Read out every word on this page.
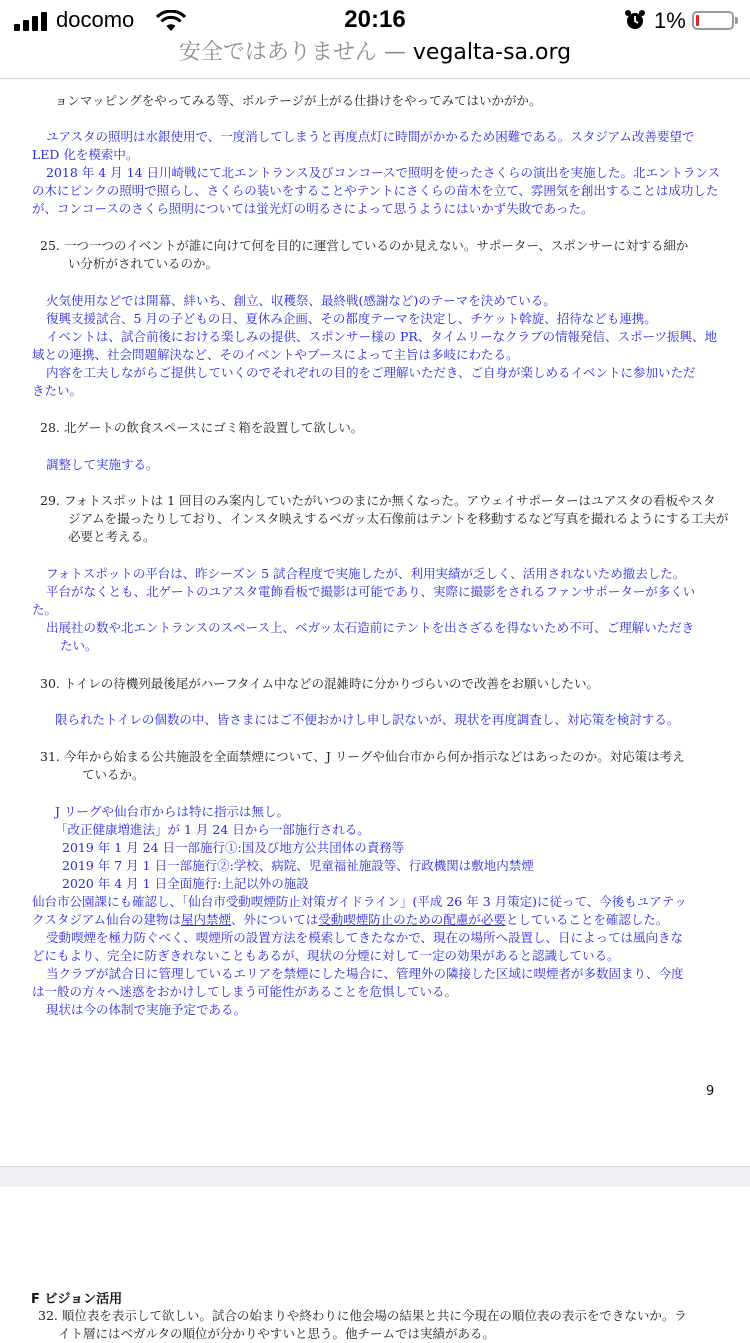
docomo	20:16	1%
安全ではありません — vegalta-sa.org
ョンマッピングをやってみる等、ボルテージが上がる仕掛けをやってみてはいかがか。
ユアスタの照明は水銀使用で、一度消してしまうと再度点灯に時間がかかるため困難である。スタジアム改善要望で
LED 化を模索中。
2018 年 4 月 14 日川崎戦にて北エントランス及びコンコースで照明を使ったさくらの演出を実施した。北エントランス
の木にピンクの照明で照らし、さくらの装いをすることやテントにさくらの苗木を立て、雰囲気を創出することは成功した
が、コンコースのさくら照明については蛍光灯の明るさによって思うようにはいかず失敗であった。
25. 一つ一つのイベントが誰に向けて何を目的に運営しているのか見えない。サポーター、スポンサーに対する細か
い分析がされているのか。
火気使用などでは開幕、絆いち、創立、収穫祭、最終戦(感謝など)のテーマを決めている。
復興支援試合、5 月の子どもの日、夏休み企画、その都度テーマを決定し、チケット斡旋、招待なども連携。
イベントは、試合前後における楽しみの提供、スポンサー様の PR、タイムリーなクラブの情報発信、スポーツ振興、地
域との連携、社会問題解決など、そのイベントやブースによって主旨は多岐にわたる。
内容を工夫しながらご提供していくのでそれぞれの目的をご理解いただき、ご自身が楽しめるイベントに参加いただ
きたい。
28. 北ゲートの飲食スペースにゴミ箱を設置して欲しい。
調整して実施する。
29. フォトスポットは 1 回目のみ案内していたがいつのまにか無くなった。アウェイサポーターはユアスタの看板やスタ
ジアムを撮ったりしており、インスタ映えするベガッ太石像前はテントを移動するなど写真を撮れるようにする工夫が
必要と考える。
フォトスポットの平台は、昨シーズン 5 試合程度で実施したが、利用実績が乏しく、活用されないため撤去した。
平台がなくとも、北ゲートのユアスタ電飾看板で撮影は可能であり、実際に撮影をされるファンサポーターが多くい
た。
出展社の数や北エントランスのスペース上、ベガッ太石造前にテントを出さざるを得ないため不可、ご理解いただき
たい。
30. トイレの待機列最後尾がハーフタイム中などの混雑時に分かりづらいので改善をお願いしたい。
限られたトイレの個数の中、皆さまにはご不便おかけし申し訳ないが、現状を再度調査し、対応策を検討する。
31. 今年から始まる公共施設を全面禁煙について、J リーグや仙台市から何か指示などはあったのか。対応策は考え
ているか。
J リーグや仙台市からは特に指示は無し。
「改正健康増進法」が 1 月 24 日から一部施行される。
2019 年 1 月 24 日一部施行①:国及び地方公共団体の責務等
2019 年 7 月 1 日一部施行②:学校、病院、児童福祉施設等、行政機関は敷地内禁煙
2020 年 4 月 1 日全面施行:上記以外の施設
仙台市公園課にも確認し、「仙台市受動喫煙防止対策ガイドライン」(平成 26 年 3 月策定)に従って、今後もユアテッ
クスタジアム仙台の建物は屋内禁煙、外については受動喫煙防止のための配慮が必要としていることを確認した。
受動喫煙を極力防ぐべく、喫煙所の設置方法を模索してきたなかで、現在の場所へ設置し、日によっては風向きな
どにもより、完全に防ぎきれないこともあるが、現状の分煙に対して一定の効果があると認識している。
当クラブが試合日に管理しているエリアを禁煙にした場合に、管理外の隣接した区域に喫煙者が多数固まり、今度
は一般の方々へ迷惑をおかけしてしまう可能性があることを危惧している。
現状は今の体制で実施予定である。
9
F ビジョン活用
32. 順位表を表示して欲しい。試合の始まりや終わりに他会場の結果と共に今現在の順位表の表示をできないか。ラ
イト層にはベガルタの順位が分かりやすいと思う。他チームでは実績がある。
